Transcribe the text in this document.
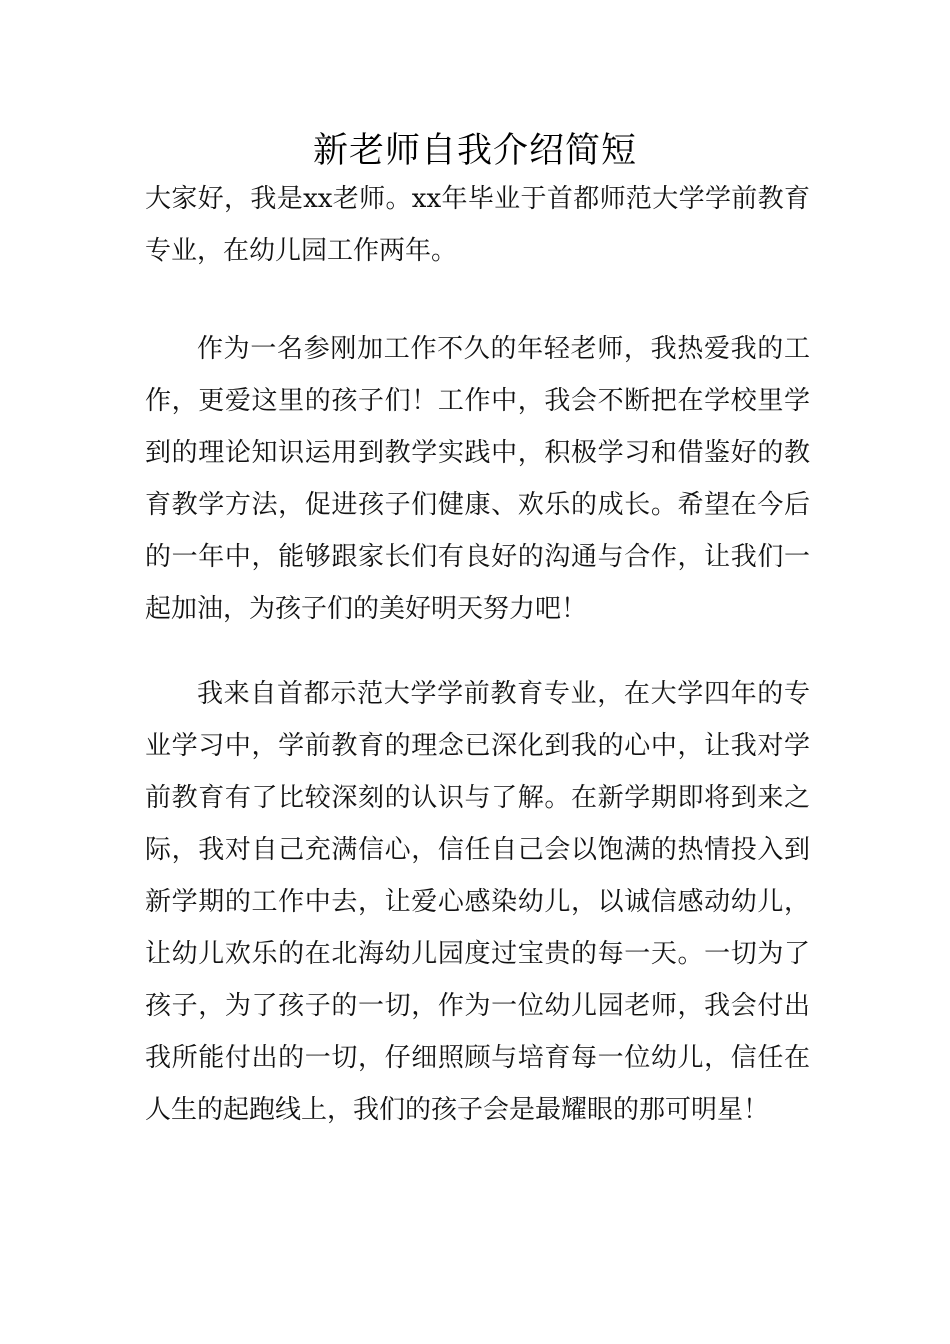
新老师自我介绍简短

大家好，我是xx老师。xx年毕业于首都师范大学学前教育专业，在幼儿园工作两年。

作为一名参刚加工作不久的年轻老师，我热爱我的工作，更爱这里的孩子们！工作中，我会不断把在学校里学到的理论知识运用到教学实践中，积极学习和借鉴好的教育教学方法，促进孩子们健康、欢乐的成长。希望在今后的一年中，能够跟家长们有良好的沟通与合作，让我们一起加油，为孩子们的美好明天努力吧！

我来自首都示范大学学前教育专业，在大学四年的专业学习中，学前教育的理念已深化到我的心中，让我对学前教育有了比较深刻的认识与了解。在新学期即将到来之际，我对自己充满信心，信任自己会以饱满的热情投入到新学期的工作中去，让爱心感染幼儿，以诚信感动幼儿，让幼儿欢乐的在北海幼儿园度过宝贵的每一天。一切为了孩子，为了孩子的一切，作为一位幼儿园老师，我会付出我所能付出的一切，仔细照顾与培育每一位幼儿，信任在人生的起跑线上，我们的孩子会是最耀眼的那可明星！
